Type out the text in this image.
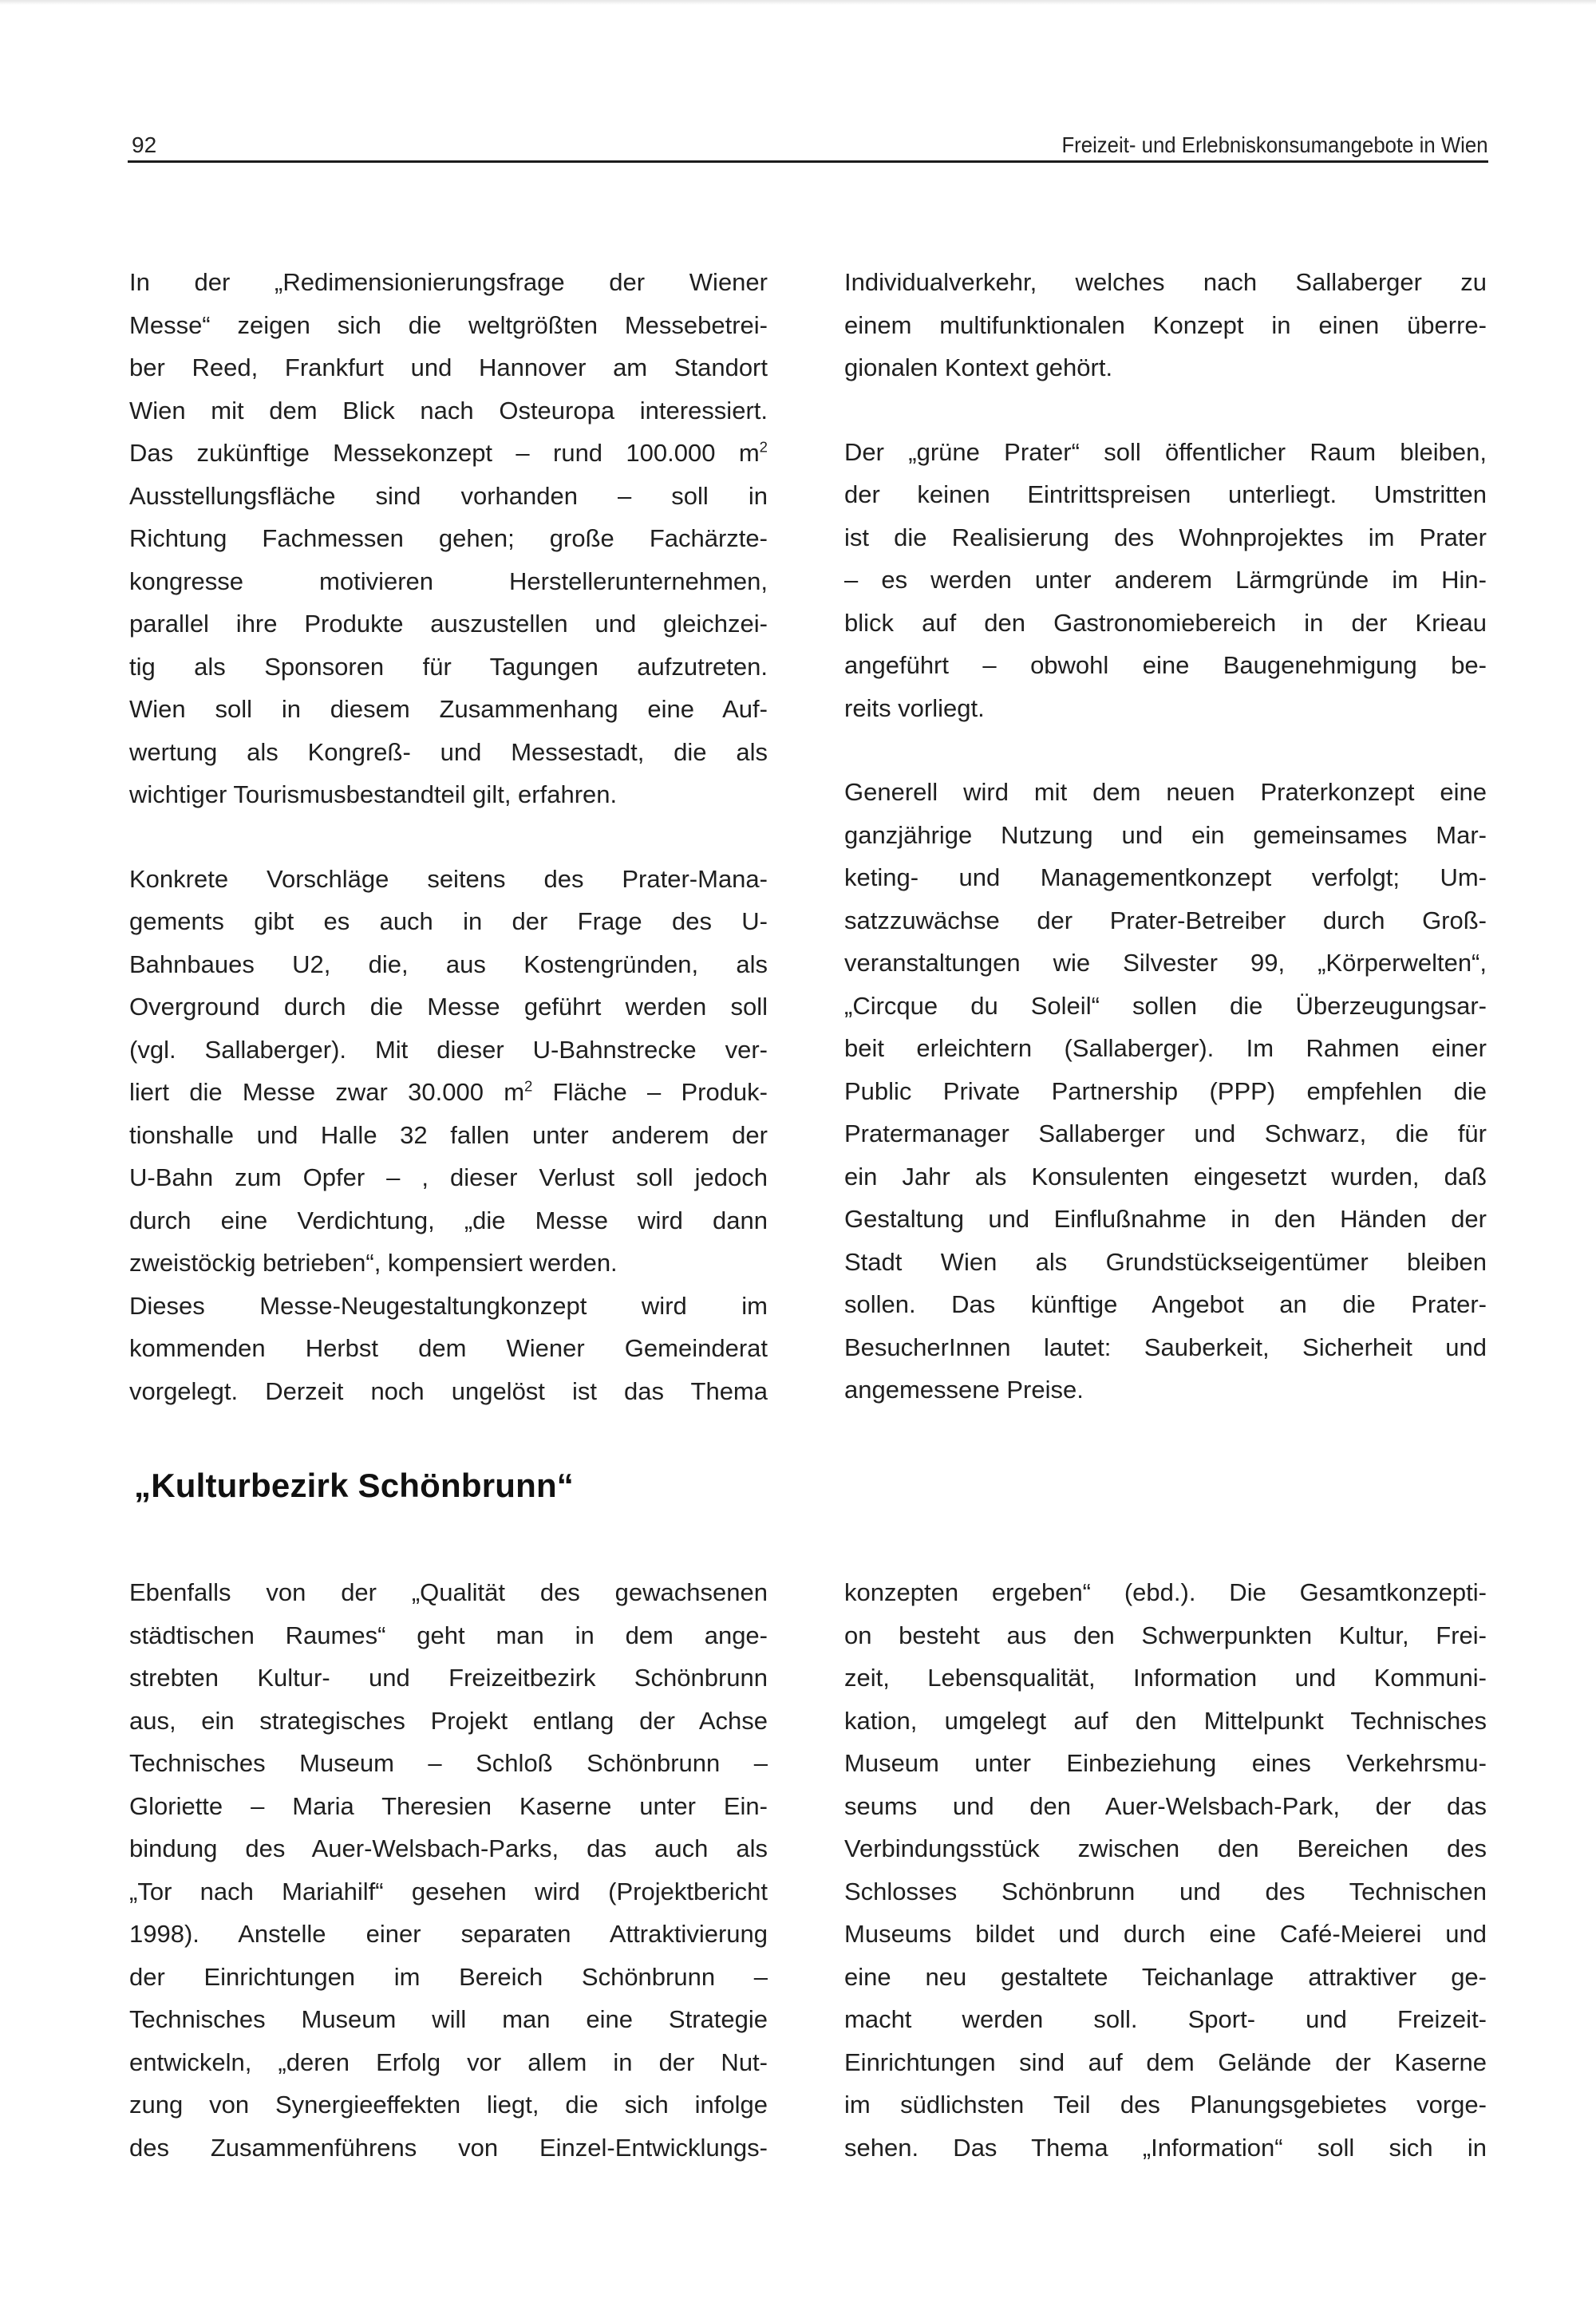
92	Freizeit- und Erlebniskonsumangebote in Wien
In der „Redimensionierungsfrage der Wiener
Messe“ zeigen sich die weltgrößten Messebetrei-
ber Reed, Frankfurt und Hannover am Standort
Wien mit dem Blick nach Osteuropa interessiert.
Das zukünftige Messekonzept – rund 100.000 $m^2$
Ausstellungsfläche sind vorhanden – soll in
Richtung Fachmessen gehen; große Fachärzte-
kongresse motivieren Herstellerunternehmen,
parallel ihre Produkte auszustellen und gleichzei-
tig als Sponsoren für Tagungen aufzutreten.
Wien soll in diesem Zusammenhang eine Auf-
wertung als Kongreß- und Messestadt, die als
wichtiger Tourismusbestandteil gilt, erfahren.
Konkrete Vorschläge seitens des Prater-Mana-
gements gibt es auch in der Frage des U-
Bahnbaues U2, die, aus Kostengründen, als
Overground durch die Messe geführt werden soll
(vgl. Sallaberger). Mit dieser U-Bahnstrecke ver-
liert die Messe zwar 30.000 $m^2$ Fläche – Produk-
tionshalle und Halle 32 fallen unter anderem der
U-Bahn zum Opfer – , dieser Verlust soll jedoch
durch eine Verdichtung, „die Messe wird dann
zweistöckig betrieben“, kompensiert werden.
Dieses Messe-Neugestaltungkonzept wird im
kommenden Herbst dem Wiener Gemeinderat
vorgelegt. Derzeit noch ungelöst ist das Thema
Individualverkehr, welches nach Sallaberger zu
einem multifunktionalen Konzept in einen überre-
gionalen Kontext gehört.
Der „grüne Prater“ soll öffentlicher Raum bleiben,
der keinen Eintrittspreisen unterliegt. Umstritten
ist die Realisierung des Wohnprojektes im Prater
– es werden unter anderem Lärmgründe im Hin-
blick auf den Gastronomiebereich in der Krieau
angeführt – obwohl eine Baugenehmigung be-
reits vorliegt.
Generell wird mit dem neuen Praterkonzept eine
ganzjährige Nutzung und ein gemeinsames Mar-
keting- und Managementkonzept verfolgt; Um-
satzzuwächse der Prater-Betreiber durch Groß-
veranstaltungen wie Silvester 99, „Körperwelten“,
„Circque du Soleil“ sollen die Überzeugungsar-
beit erleichtern (Sallaberger). Im Rahmen einer
Public Private Partnership (PPP) empfehlen die
Pratermanager Sallaberger und Schwarz, die für
ein Jahr als Konsulenten eingesetzt wurden, daß
Gestaltung und Einflußnahme in den Händen der
Stadt Wien als Grundstückseigentümer bleiben
sollen. Das künftige Angebot an die Prater-
BesucherInnen lautet: Sauberkeit, Sicherheit und
angemessene Preise.
„Kulturbezirk Schönbrunn“
Ebenfalls von der „Qualität des gewachsenen
städtischen Raumes“ geht man in dem ange-
strebten Kultur- und Freizeitbezirk Schönbrunn
aus, ein strategisches Projekt entlang der Achse
Technisches Museum – Schloß Schönbrunn –
Gloriette – Maria Theresien Kaserne unter Ein-
bindung des Auer-Welsbach-Parks, das auch als
„Tor nach Mariahilf“ gesehen wird (Projektbericht
1998). Anstelle einer separaten Attraktivierung
der Einrichtungen im Bereich Schönbrunn –
Technisches Museum will man eine Strategie
entwickeln, „deren Erfolg vor allem in der Nut-
zung von Synergieeffekten liegt, die sich infolge
des Zusammenführens von Einzel-Entwicklungs-
konzepten ergeben“ (ebd.). Die Gesamtkonzepti-
on besteht aus den Schwerpunkten Kultur, Frei-
zeit, Lebensqualität, Information und Kommuni-
kation, umgelegt auf den Mittelpunkt Technisches
Museum unter Einbeziehung eines Verkehrsmu-
seums und den Auer-Welsbach-Park, der das
Verbindungsstück zwischen den Bereichen des
Schlosses Schönbrunn und des Technischen
Museums bildet und durch eine Café-Meierei und
eine neu gestaltete Teichanlage attraktiver ge-
macht werden soll. Sport- und Freizeit-
Einrichtungen sind auf dem Gelände der Kaserne
im südlichsten Teil des Planungsgebietes vorge-
sehen. Das Thema „Information“ soll sich in
